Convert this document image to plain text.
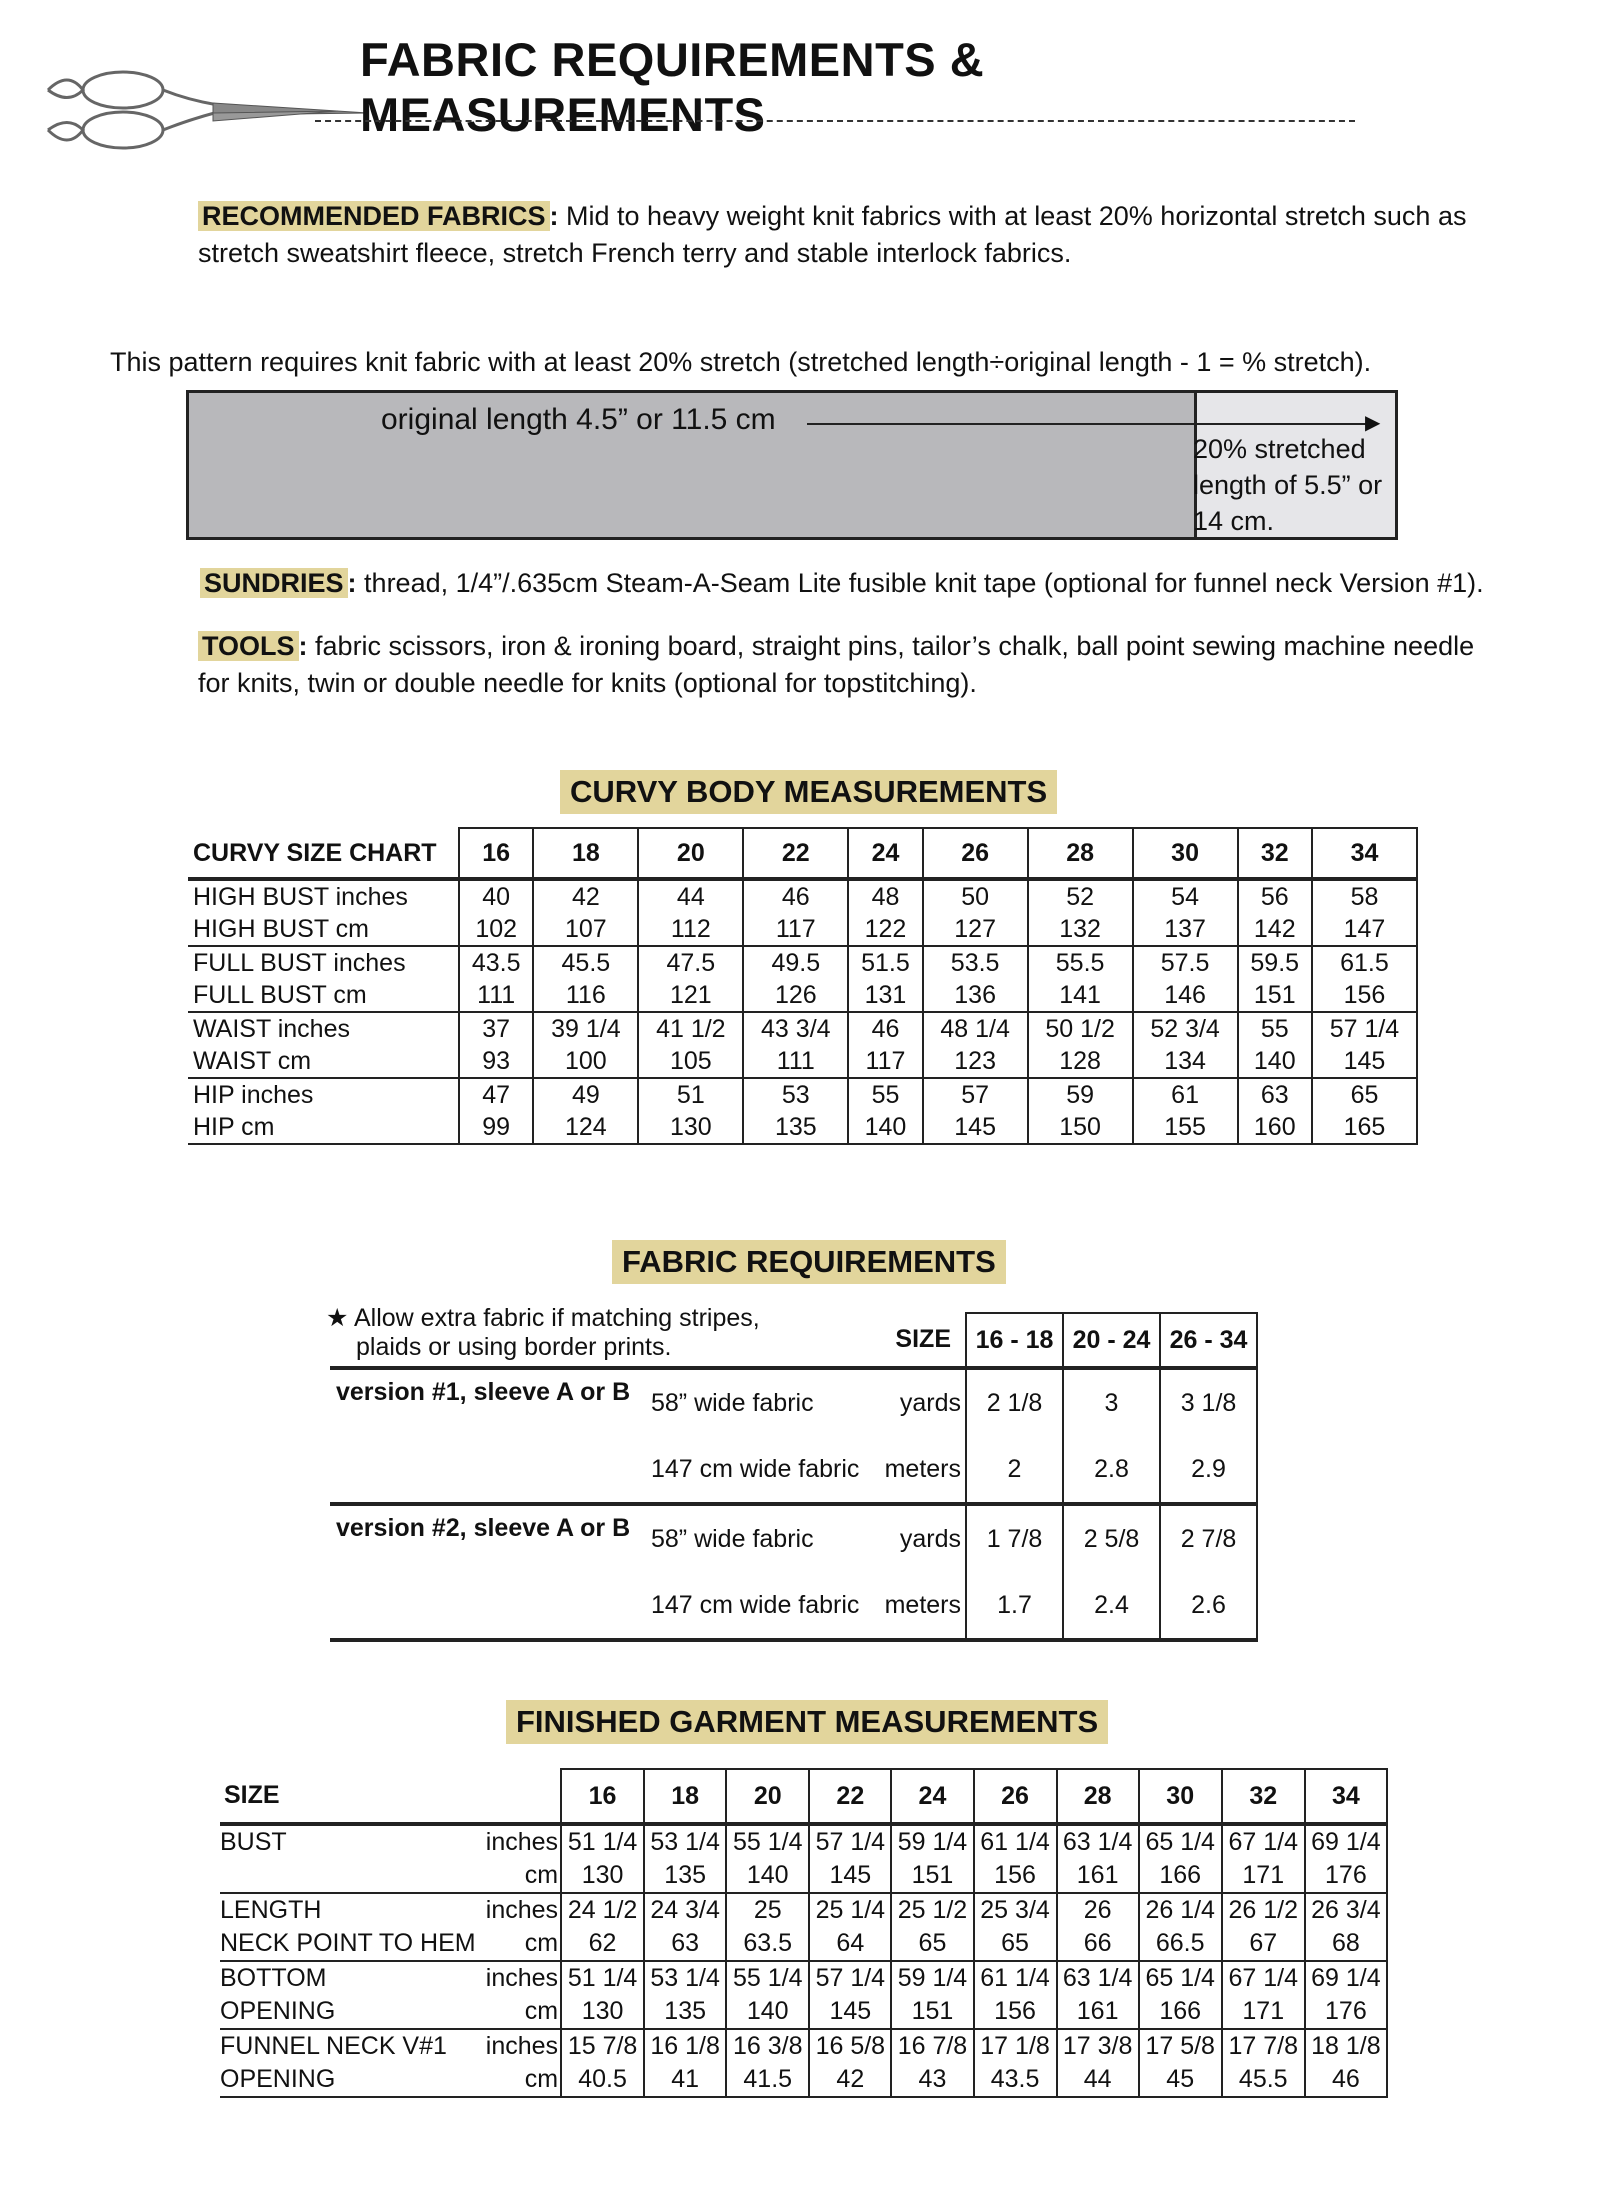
FABRIC REQUIREMENTS & MEASUREMENTS
RECOMMENDED FABRICS : Mid to heavy weight knit fabrics with at least 20% horizontal stretch such as
stretch sweatshirt fleece, stretch French terry and stable interlock fabrics.
This pattern requires knit fabric with at least 20% stretch (stretched length÷original length - 1 = % stretch).
original length 4.5” or 11.5 cm	▶
20% stretched
length of 5.5” or
14 cm.
SUNDRIES : thread, 1/4”/.635cm Steam-A-Seam Lite fusible knit tape (optional for funnel neck Version #1).
TOOLS : fabric scissors, iron & ironing board, straight pins, tailor’s chalk, ball point sewing machine needle
for knits, twin or double needle for knits (optional for topstitching).
CURVY BODY MEASUREMENTS
CURVY SIZE CHART	16	18	20	22	24	26	28	30	32	34
HIGH BUST inches	40	42	44	46	48	50	52	54	56	58
HIGH BUST cm	102	107	112	117	122	127	132	137	142	147
FULL BUST inches	43.5	45.5	47.5	49.5	51.5	53.5	55.5	57.5	59.5	61.5
FULL BUST cm	111	116	121	126	131	136	141	146	151	156
WAIST inches	37	39 1/4	41 1/2	43 3/4	46	48 1/4	50 1/2	52 3/4	55	57 1/4
WAIST cm	93	100	105	111	117	123	128	134	140	145
HIP inches	47	49	51	53	55	57	59	61	63	65
HIP cm	99	124	130	135	140	145	150	155	160	165
FABRIC REQUIREMENTS
★ Allow extra fabric if matching stripes,
plaids or using border prints.
		SIZE	16 - 18	20 - 24	26 - 34
version #1, sleeve A or B	58” wide fabric	yards	2 1/8	3	3 1/8
	147 cm wide fabric	meters	2	2.8	2.9
version #2, sleeve A or B	58” wide fabric	yards	1 7/8	2 5/8	2 7/8
	147 cm wide fabric	meters	1.7	2.4	2.6
FINISHED GARMENT MEASUREMENTS
SIZE		16	18	20	22	24	26	28	30	32	34
BUST	inches	51 1/4	53 1/4	55 1/4	57 1/4	59 1/4	61 1/4	63 1/4	65 1/4	67 1/4	69 1/4
	cm	130	135	140	145	151	156	161	166	171	176
LENGTH	inches	24 1/2	24 3/4	25	25 1/4	25 1/2	25 3/4	26	26 1/4	26 1/2	26 3/4
NECK POINT TO HEM	cm	62	63	63.5	64	65	65	66	66.5	67	68
BOTTOM	inches	51 1/4	53 1/4	55 1/4	57 1/4	59 1/4	61 1/4	63 1/4	65 1/4	67 1/4	69 1/4
OPENING	cm	130	135	140	145	151	156	161	166	171	176
FUNNEL NECK V#1	inches	15 7/8	16 1/8	16 3/8	16 5/8	16 7/8	17 1/8	17 3/8	17 5/8	17 7/8	18 1/8
OPENING	cm	40.5	41	41.5	42	43	43.5	44	45	45.5	46
